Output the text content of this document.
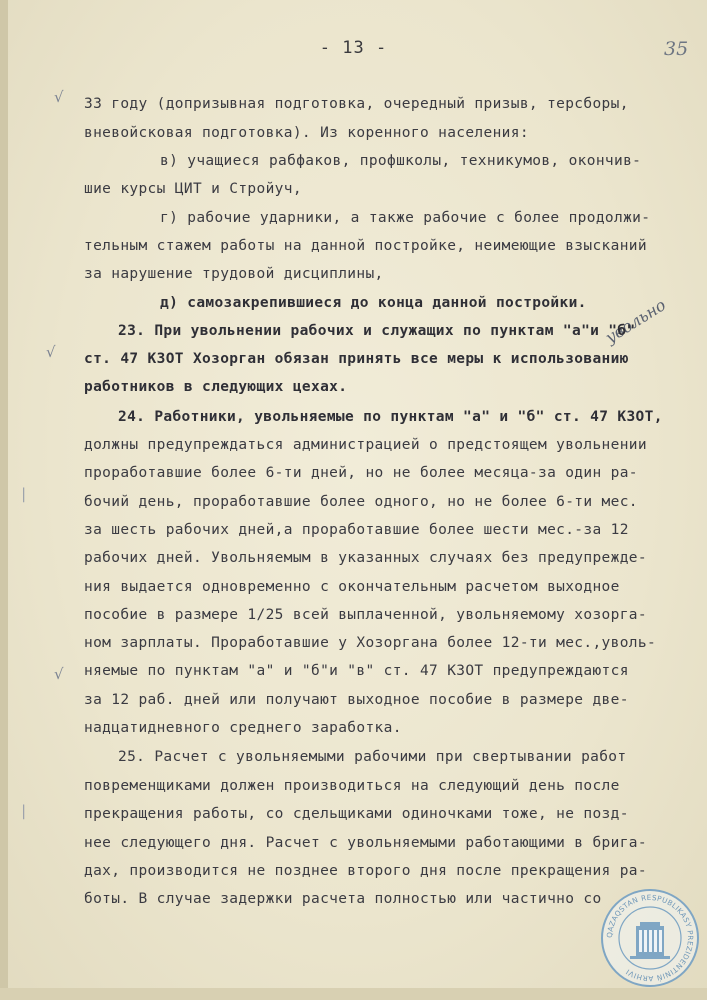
- 13 -	35
√
√
√
∣
∣
увольно
33 году (допризывная подготовка, очередный призыв, терсборы,
вневойсковая подготовка). Из коренного населения:
в) учащиеся рабфаков, профшколы, техникумов, окончив-
шие курсы ЦИТ и Стройуч,
г) рабочие ударники, а также рабочие с более продолжи-
тельным стажем работы на данной постройке, неимеющие взысканий
за нарушение трудовой дисциплины,
д) самозакрепившиеся до конца данной постройки.
23. При увольнении рабочих и служащих по пунктам "а"и "б"
ст. 47 КЗОТ Хозорган обязан принять все меры к использованию
работников в следующих цехах.
24. Работники, увольняемые по пунктам "а" и "б" ст. 47 КЗОТ,
должны предупреждаться администрацией о предстоящем увольнении
проработавшие более 6-ти дней, но не более месяца-за один ра-
бочий день, проработавшие более одного, но не более 6-ти мес.
за шесть рабочих дней,а проработавшие более шести мес.-за 12
рабочих дней. Увольняемым в указанных случаях без предупрежде-
ния выдается одновременно с окончательным расчетом выходное
пособие в размере 1/25 всей выплаченной, увольняемому хозорга-
ном зарплаты. Проработавшие у Хозоргана более 12-ти мес.,уволь-
няемые по пунктам "а" и "б"и "в" ст. 47 КЗОТ предупреждаются
за 12 раб. дней или получают выходное пособие в размере две-
надцатидневного среднего заработка.
25. Расчет с увольняемыми рабочими при свертывании работ
повременщиками должен производиться на следующий день после
прекращения работы, со сдельщиками одиночками тоже, не позд-
нее следующего дня. Расчет с увольняемыми работающими в брига-
дах, производится не позднее второго дня после прекращения ра-
боты. В случае задержки расчета полностью или частично со
QAZAQSTAN RESPUBLIKASY PREZIDENTINIŃ ARHIVI
